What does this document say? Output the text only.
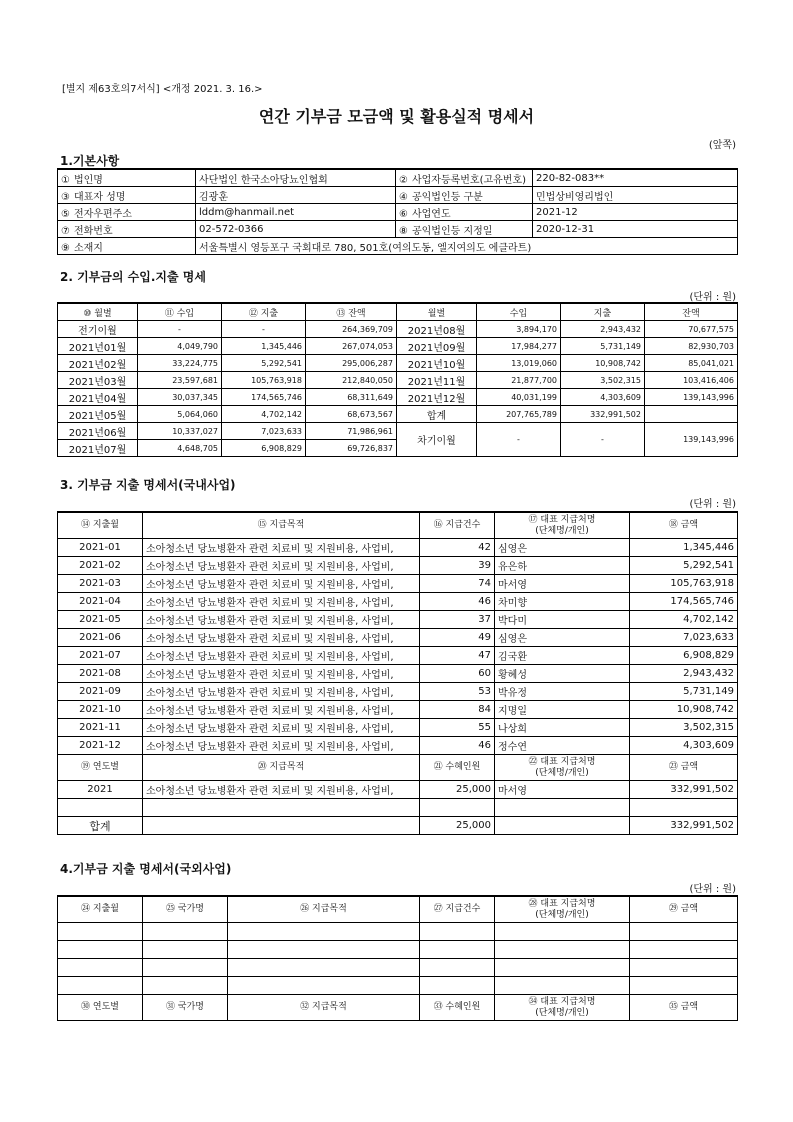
[별지 제63호의7서식] <개정 2021. 3. 16.>
연간 기부금 모금액 및 활용실적 명세서
(앞쪽)
1.기본사항
① 법인명	사단법인 한국소아당뇨인협회	② 사업자등록번호(고유번호)	220-82-083**
③ 대표자 성명	김광훈	④ 공익법인등 구분	민법상비영리법인
⑤ 전자우편주소	lddm@hanmail.net	⑥ 사업연도	2021-12
⑦ 전화번호	02-572-0366	⑧ 공익법인등 지정일	2020-12-31
⑨ 소재지	서울특별시 영등포구 국회대로 780, 501호(여의도동, 엘지여의도 에클라트)		
2. 기부금의 수입.지출 명세
(단위 : 원)
⑩ 월별	⑪ 수입	⑫ 지출	⑬ 잔액	월별	수입	지출	잔액
전기이월	-	-	264,369,709	2021년08월	3,894,170	2,943,432	70,677,575
2021년01월	4,049,790	1,345,446	267,074,053	2021년09월	17,984,277	5,731,149	82,930,703
2021년02월	33,224,775	5,292,541	295,006,287	2021년10월	13,019,060	10,908,742	85,041,021
2021년03월	23,597,681	105,763,918	212,840,050	2021년11월	21,877,700	3,502,315	103,416,406
2021년04월	30,037,345	174,565,746	68,311,649	2021년12월	40,031,199	4,303,609	139,143,996
2021년05월	5,064,060	4,702,142	68,673,567	합계	207,765,789	332,991,502	
2021년06월	10,337,027	7,023,633	71,986,961	차기이월	-	-	139,143,996
2021년07월	4,648,705	6,908,829	69,726,837				
3. 기부금 지출 명세서(국내사업)
(단위 : 원)
⑭ 지출월	⑮ 지급목적	⑯ 지급건수	⑰ 대표 지급처명
(단체명/개인)	⑱ 금액
2021-01	소아청소년 당뇨병환자 관련 치료비 및 지원비용, 사업비,	42	심영은	1,345,446
2021-02	소아청소년 당뇨병환자 관련 치료비 및 지원비용, 사업비,	39	유은하	5,292,541
2021-03	소아청소년 당뇨병환자 관련 치료비 및 지원비용, 사업비,	74	마서영	105,763,918
2021-04	소아청소년 당뇨병환자 관련 치료비 및 지원비용, 사업비,	46	차미향	174,565,746
2021-05	소아청소년 당뇨병환자 관련 치료비 및 지원비용, 사업비,	37	박다미	4,702,142
2021-06	소아청소년 당뇨병환자 관련 치료비 및 지원비용, 사업비,	49	심영은	7,023,633
2021-07	소아청소년 당뇨병환자 관련 치료비 및 지원비용, 사업비,	47	김국환	6,908,829
2021-08	소아청소년 당뇨병환자 관련 치료비 및 지원비용, 사업비,	60	황혜성	2,943,432
2021-09	소아청소년 당뇨병환자 관련 치료비 및 지원비용, 사업비,	53	박유정	5,731,149
2021-10	소아청소년 당뇨병환자 관련 치료비 및 지원비용, 사업비,	84	지명일	10,908,742
2021-11	소아청소년 당뇨병환자 관련 치료비 및 지원비용, 사업비,	55	나상희	3,502,315
2021-12	소아청소년 당뇨병환자 관련 치료비 및 지원비용, 사업비,	46	정수연	4,303,609
⑲ 연도별	⑳ 지급목적	㉑ 수혜인원	㉒ 대표 지급처명
(단체명/개인)	㉓ 금액
2021	소아청소년 당뇨병환자 관련 치료비 및 지원비용, 사업비,	25,000	마서영	332,991,502

합계		25,000		332,991,502
4.기부금 지출 명세서(국외사업)
(단위 : 원)
㉔ 지출월	㉕ 국가명	㉖ 지급목적	㉗ 지급건수	㉘ 대표 지급처명
(단체명/개인)	㉙ 금액

㉚ 연도별	㉛ 국가명	㉜ 지급목적	㉝ 수혜인원	㉞ 대표 지급처명
(단체명/개인)	㉟ 금액
